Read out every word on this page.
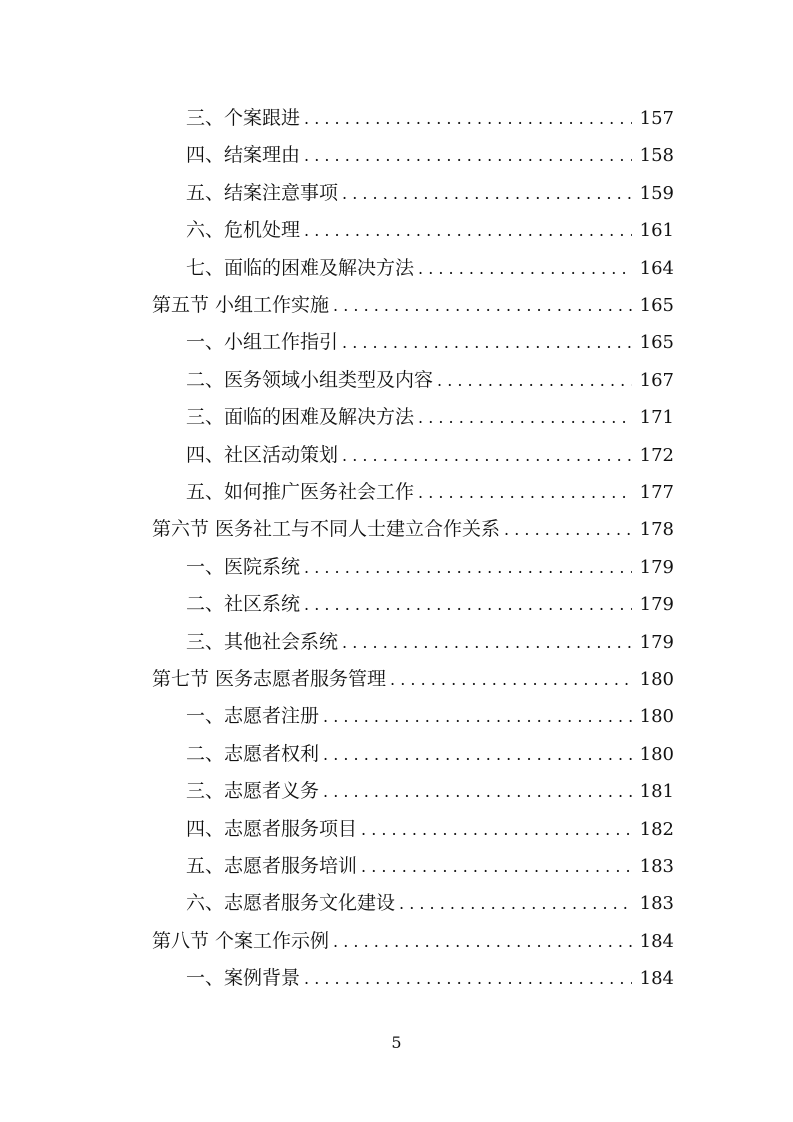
三、个案跟进 . . .	157
四、结案理由 . . .	158
五、结案注意事项 . . .	159
六、危机处理 . . .	161
七、面临的困难及解决方法 . . .	164
第五节 小组工作实施 . . .	165
一、小组工作指引 . . .	165
二、医务领域小组类型及内容 . . .	167
三、面临的困难及解决方法 . . .	171
四、社区活动策划 . . .	172
五、如何推广医务社会工作 . . .	177
第六节 医务社工与不同人士建立合作关系 . . .	178
一、医院系统 . . .	179
二、社区系统 . . .	179
三、其他社会系统 . . .	179
第七节 医务志愿者服务管理 . . .	180
一、志愿者注册 . . .	180
二、志愿者权利 . . .	180
三、志愿者义务 . . .	181
四、志愿者服务项目 . . .	182
五、志愿者服务培训 . . .	183
六、志愿者服务文化建设 . . .	183
第八节 个案工作示例 . . .	184
一、案例背景 . . .	184
5
